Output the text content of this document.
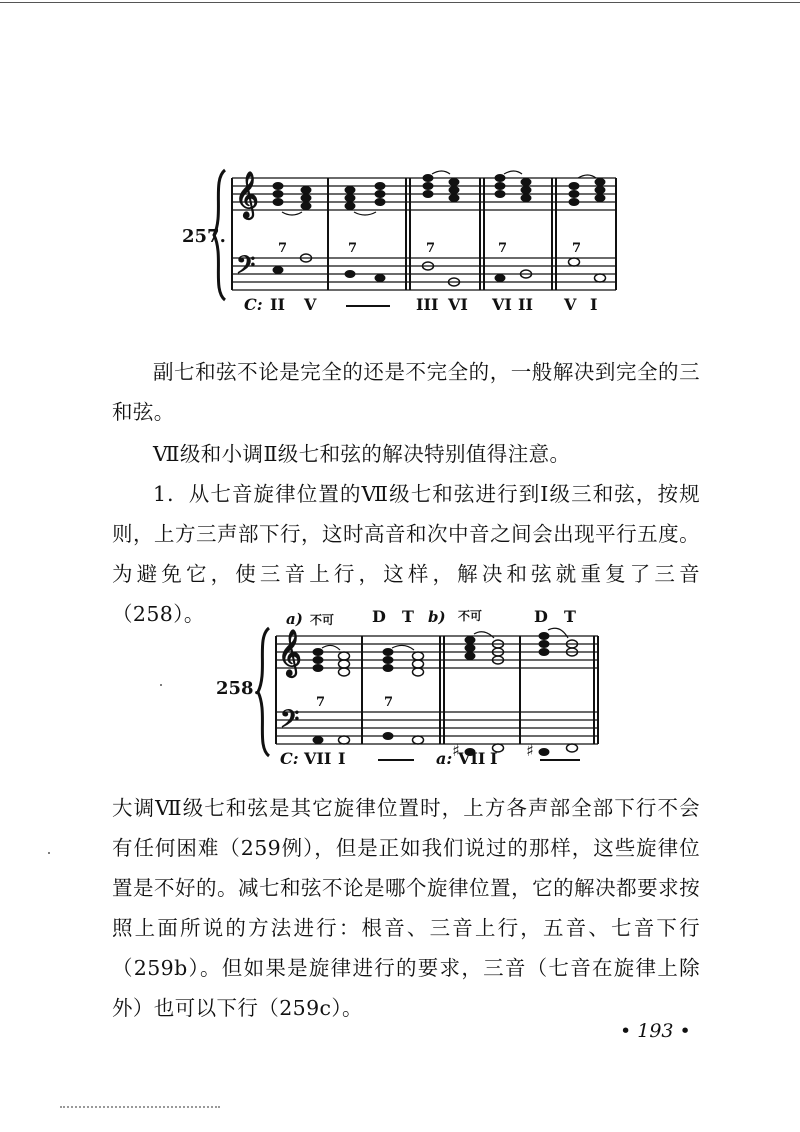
257.
𝄞
𝄢
7	7	7	7	7
C: II V	III VI VI II V I

副七和弦不论是完全的还是不完全的，一般解决到完全的三和弦。

Ⅶ级和小调Ⅱ级七和弦的解决特别值得注意。

1．从七音旋律位置的Ⅶ级七和弦进行到Ⅰ级三和弦，按规则，上方三声部下行，这时高音和次中音之间会出现平行五度。为避免它，使三音上行，这样，解决和弦就重复了三音（258）。

258.
a) 不可 D T b) 不可	D T
𝄞
𝄢
7	7
♯	♯
C: VII I	a: VII I

大调Ⅶ级七和弦是其它旋律位置时，上方各声部全部下行不会有任何困难（259例），但是正如我们说过的那样，这些旋律位置是不好的。减七和弦不论是哪个旋律位置，它的解决都要求按照上面所说的方法进行：根音、三音上行，五音、七音下行（259b）。但如果是旋律进行的要求，三音（七音在旋律上除外）也可以下行（259c）。

• 193 •
